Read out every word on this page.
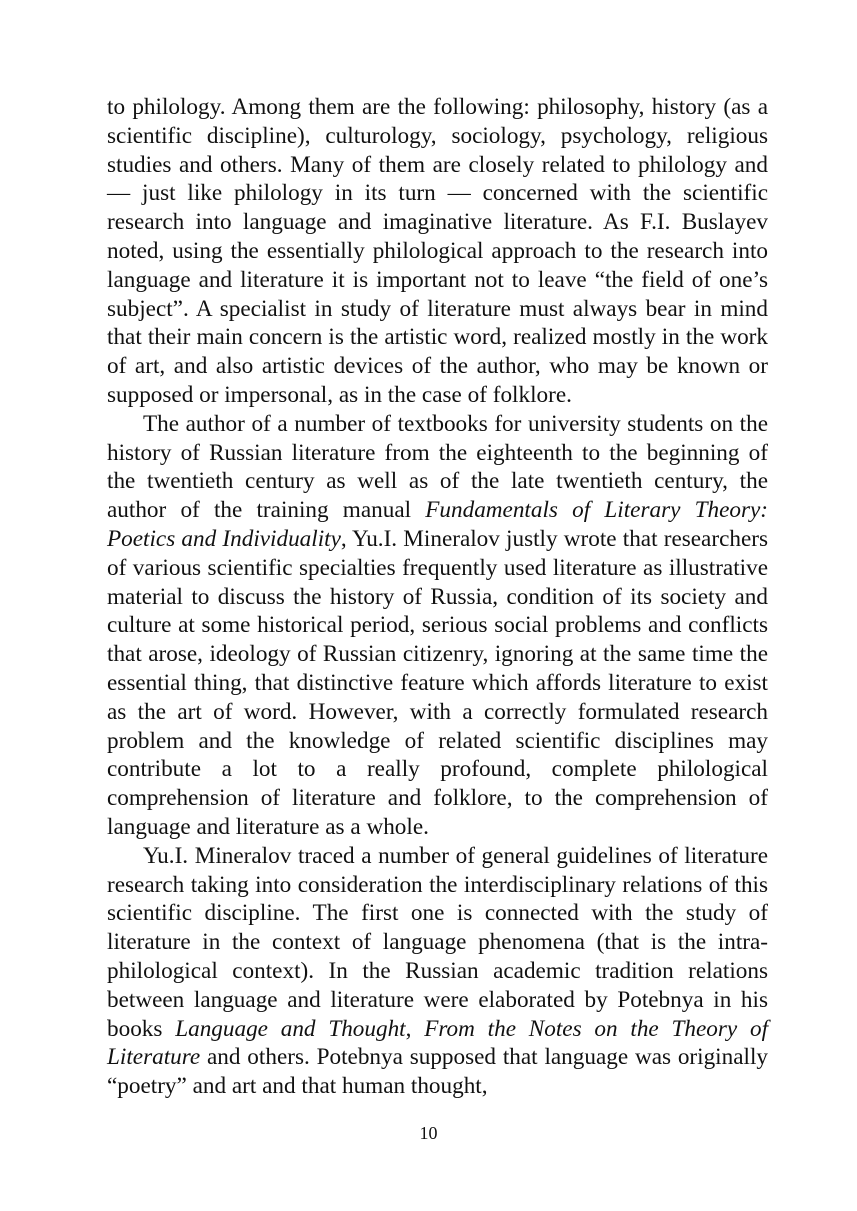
to philology. Among them are the following: philosophy, history (as a scientific discipline), culturology, sociology, psychology, religious studies and others. Many of them are closely related to philology and — just like philology in its turn — concerned with the scientific research into language and imaginative literature. As F.I. Buslayev noted, using the essentially philological approach to the research into language and literature it is important not to leave “the field of one’s subject”. A specialist in study of literature must always bear in mind that their main concern is the artistic word, realized mostly in the work of art, and also artistic devices of the author, who may be known or supposed or impersonal, as in the case of folklore.

The author of a number of textbooks for university students on the history of Russian literature from the eighteenth to the beginning of the twentieth century as well as of the late twentieth century, the author of the training manual Fundamentals of Literary Theory: Poetics and Individuality, Yu.I. Mineralov justly wrote that researchers of various scientific specialties frequently used literature as illustrative material to discuss the history of Russia, condition of its society and culture at some historical period, serious social problems and conflicts that arose, ideology of Russian citizenry, ignoring at the same time the essential thing, that distinctive feature which affords literature to exist as the art of word. However, with a correctly formulated research problem and the knowledge of related scientific disciplines may contribute a lot to a really profound, complete philological comprehension of literature and folklore, to the comprehension of language and literature as a whole.

Yu.I. Mineralov traced a number of general guidelines of literature research taking into consideration the interdisciplinary relations of this scientific discipline. The first one is connected with the study of literature in the context of language phenomena (that is the intra-philological context). In the Russian academic tradition relations between language and literature were elaborated by Potebnya in his books Language and Thought, From the Notes on the Theory of Literature and others. Potebnya supposed that language was originally “poetry” and art and that human thought,

10
